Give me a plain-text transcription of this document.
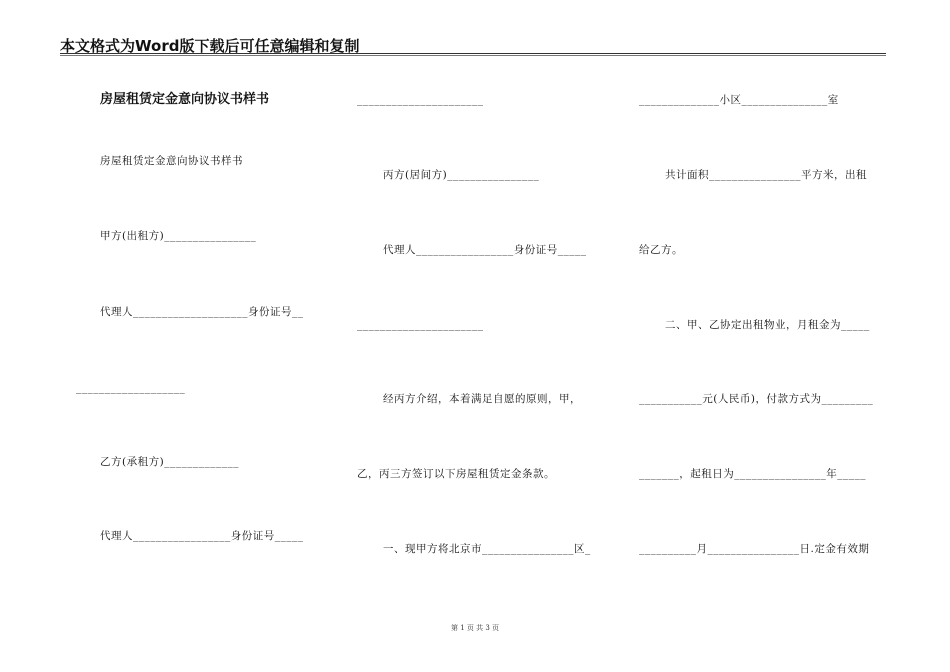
本文格式为Word版下载后可任意编辑和复制
房屋租赁定金意向协议书样书
房屋租赁定金意向协议书样书
甲方(出租方)________________
代理人____________________身份证号__
___________________
乙方(承租方)_____________
代理人_________________身份证号_____
______________________
丙方(居间方)________________
代理人_________________身份证号_____
______________________
经丙方介绍，本着满足自愿的原则，甲，
乙，丙三方签订以下房屋租赁定金条款。
一、现甲方将北京市________________区_
______________小区_______________室
共计面积________________平方米，出租
给乙方。
二、甲、乙协定出租物业，月租金为_____
___________元(人民币)，付款方式为_________
_______，起租日为________________年_____
__________月________________日.定金有效期
第 1 页 共 3 页
